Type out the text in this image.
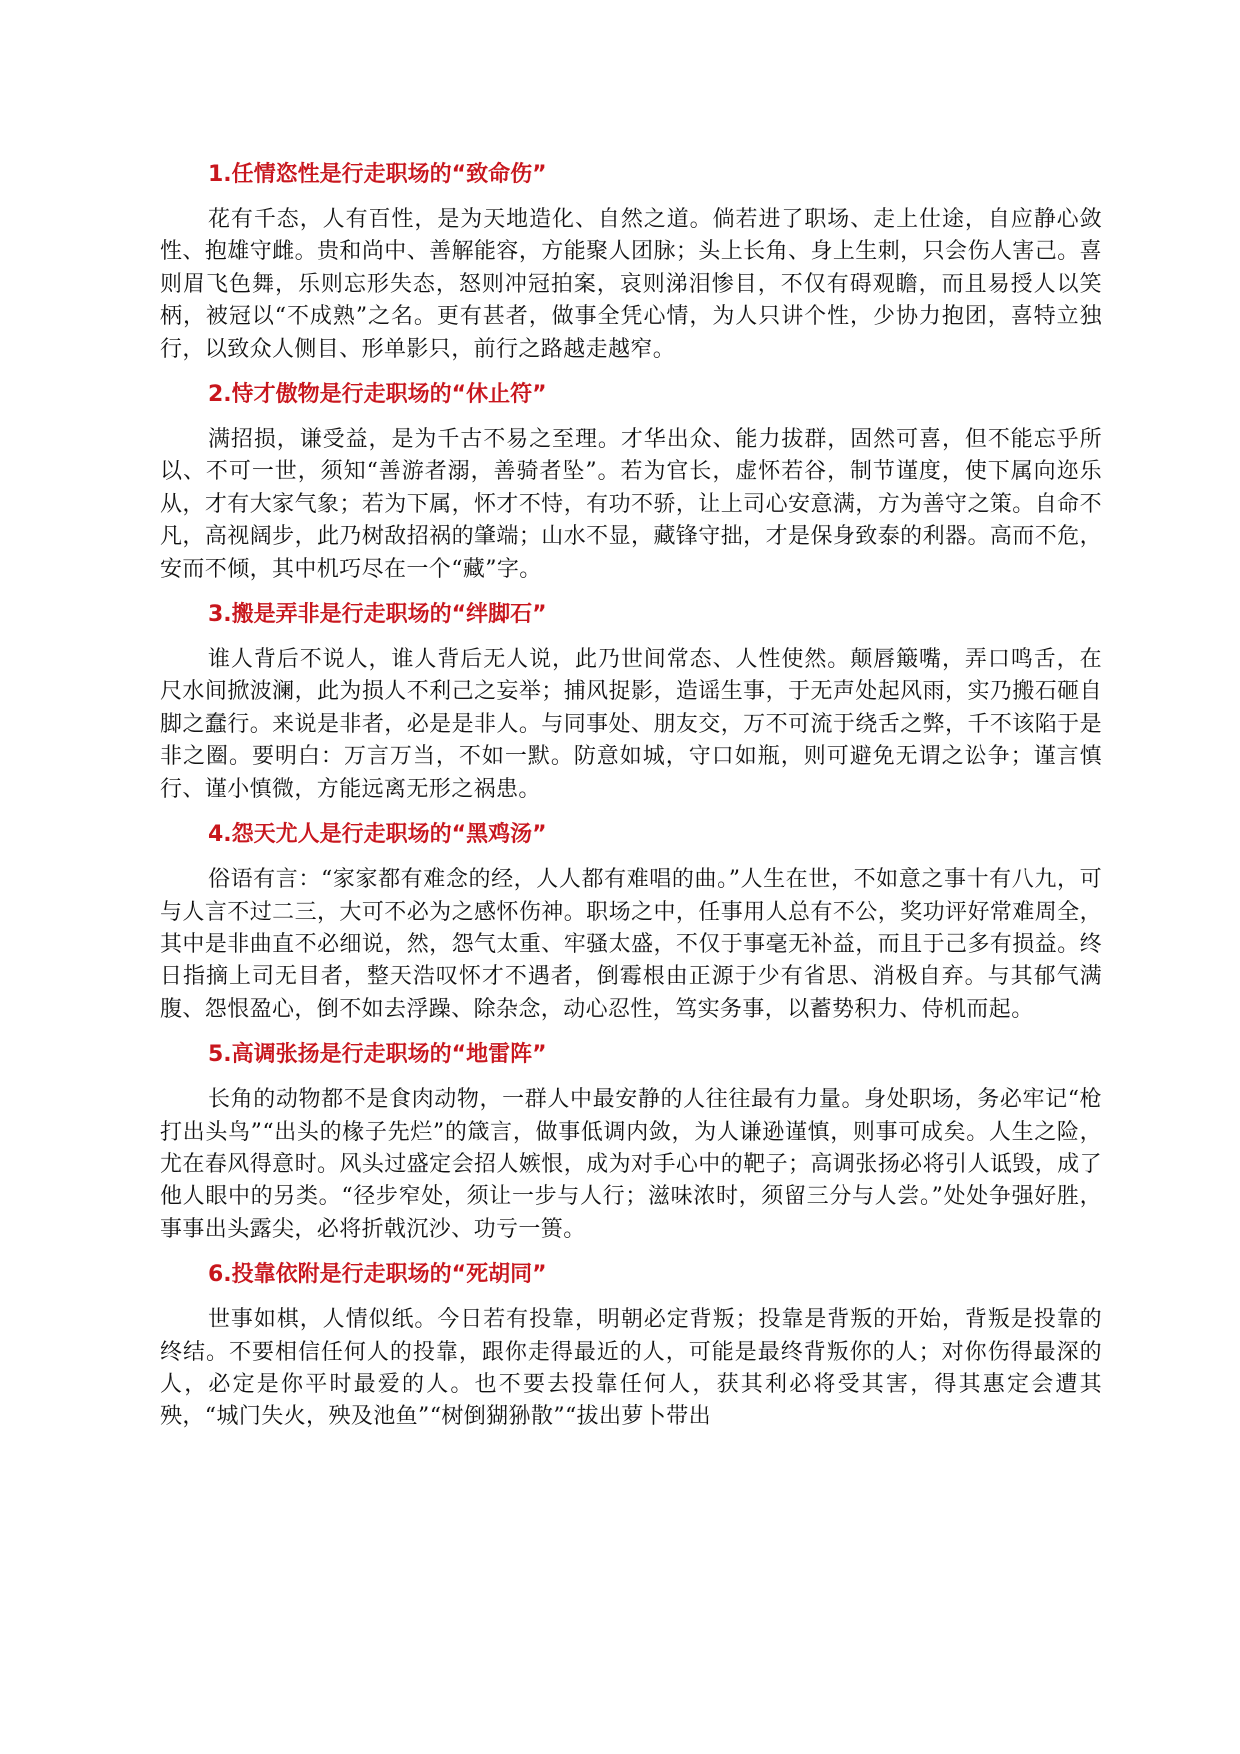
1.任情恣性是行走职场的“致命伤”

花有千态，人有百性，是为天地造化、自然之道。倘若进了职场、走上仕途，自应静心敛性、抱雄守雌。贵和尚中、善解能容，方能聚人团脉；头上长角、身上生刺，只会伤人害己。喜则眉飞色舞，乐则忘形失态，怒则冲冠拍案，哀则涕泪惨目，不仅有碍观瞻，而且易授人以笑柄，被冠以“不成熟”之名。更有甚者，做事全凭心情，为人只讲个性，少协力抱团，喜特立独行，以致众人侧目、形单影只，前行之路越走越窄。

2.恃才傲物是行走职场的“休止符”

满招损，谦受益，是为千古不易之至理。才华出众、能力拔群，固然可喜，但不能忘乎所以、不可一世，须知“善游者溺，善骑者坠”。若为官长，虚怀若谷，制节谨度，使下属向迩乐从，才有大家气象；若为下属，怀才不恃，有功不骄，让上司心安意满，方为善守之策。自命不凡，高视阔步，此乃树敌招祸的肇端；山水不显，藏锋守拙，才是保身致泰的利器。高而不危，安而不倾，其中机巧尽在一个“藏”字。

3.搬是弄非是行走职场的“绊脚石”

谁人背后不说人，谁人背后无人说，此乃世间常态、人性使然。颠唇簸嘴，弄口鸣舌，在尺水间掀波澜，此为损人不利己之妄举；捕风捉影，造谣生事，于无声处起风雨，实乃搬石砸自脚之蠢行。来说是非者，必是是非人。与同事处、朋友交，万不可流于绕舌之弊，千不该陷于是非之圈。要明白：万言万当，不如一默。防意如城，守口如瓶，则可避免无谓之讼争；谨言慎行、谨小慎微，方能远离无形之祸患。

4.怨天尤人是行走职场的“黑鸡汤”

俗语有言：“家家都有难念的经，人人都有难唱的曲。”人生在世，不如意之事十有八九，可与人言不过二三，大可不必为之感怀伤神。职场之中，任事用人总有不公，奖功评好常难周全，其中是非曲直不必细说，然，怨气太重、牢骚太盛，不仅于事毫无补益，而且于己多有损益。终日指摘上司无目者，整天浩叹怀才不遇者，倒霉根由正源于少有省思、消极自弃。与其郁气满腹、怨恨盈心，倒不如去浮躁、除杂念，动心忍性，笃实务事，以蓄势积力、侍机而起。

5.高调张扬是行走职场的“地雷阵”

长角的动物都不是食肉动物，一群人中最安静的人往往最有力量。身处职场，务必牢记“枪打出头鸟”“出头的椽子先烂”的箴言，做事低调内敛，为人谦逊谨慎，则事可成矣。人生之险，尤在春风得意时。风头过盛定会招人嫉恨，成为对手心中的靶子；高调张扬必将引人诋毁，成了他人眼中的另类。“径步窄处，须让一步与人行；滋味浓时，须留三分与人尝。”处处争强好胜，事事出头露尖，必将折戟沉沙、功亏一篑。

6.投靠依附是行走职场的“死胡同”

世事如棋，人情似纸。今日若有投靠，明朝必定背叛；投靠是背叛的开始，背叛是投靠的终结。不要相信任何人的投靠，跟你走得最近的人，可能是最终背叛你的人；对你伤得最深的人，必定是你平时最爱的人。也不要去投靠任何人，获其利必将受其害，得其惠定会遭其殃，“城门失火，殃及池鱼”“树倒猢狲散”“拔出萝卜带出
